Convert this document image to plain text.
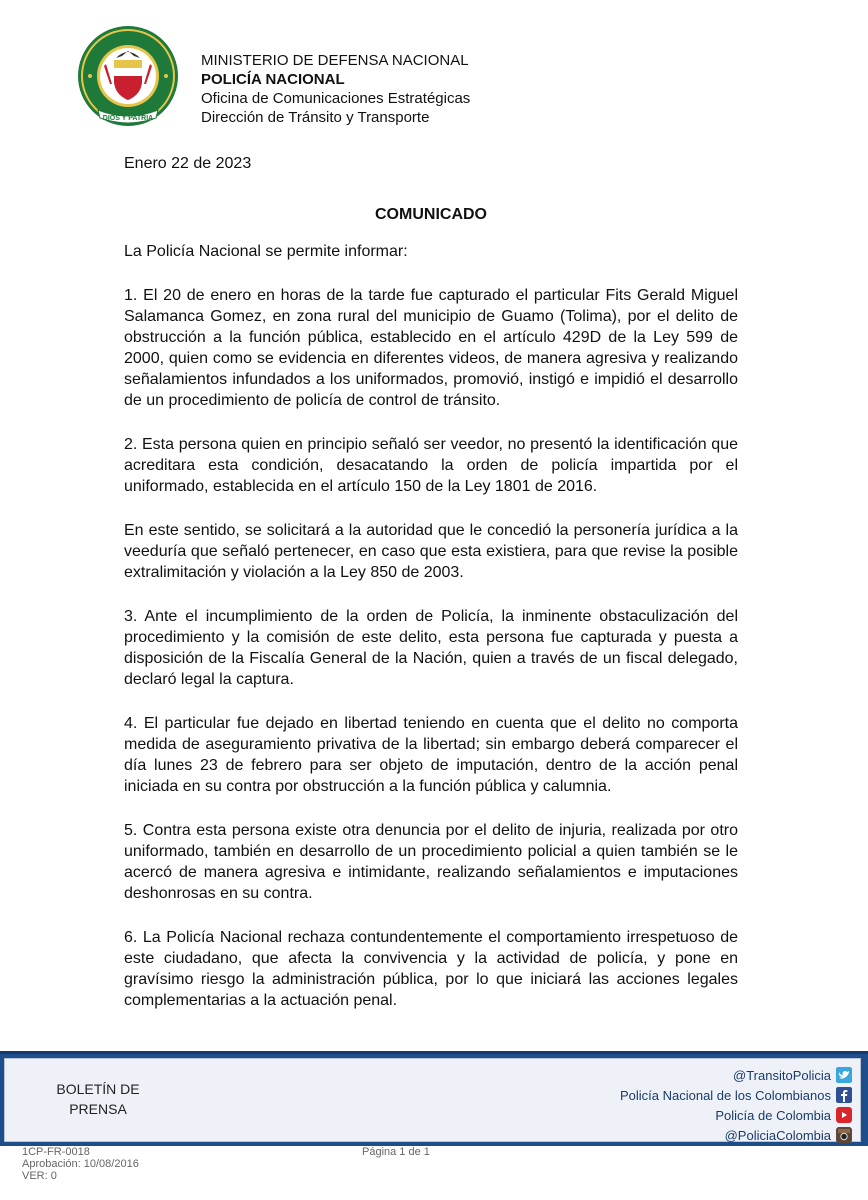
DIOS Y PATRIA
MINISTERIO DE DEFENSA NACIONAL
POLICÍA NACIONAL
Oficina de Comunicaciones Estratégicas
Dirección de Tránsito y Transporte

Enero 22 de 2023

COMUNICADO

La Policía Nacional se permite informar:

1. El 20 de enero en horas de la tarde fue capturado el particular Fits Gerald Miguel Salamanca Gomez, en zona rural del municipio de Guamo (Tolima), por el delito de obstrucción a la función pública, establecido en el artículo 429D de la Ley 599 de 2000, quien como se evidencia en diferentes videos, de manera agresiva y realizando señalamientos infundados a los uniformados, promovió, instigó e impidió el desarrollo de un procedimiento de policía de control de tránsito.

2. Esta persona quien en principio señaló ser veedor, no presentó la identificación que acreditara esta condición, desacatando la orden de policía impartida por el uniformado, establecida en el artículo 150 de la Ley 1801 de 2016.

En este sentido, se solicitará a la autoridad que le concedió la personería jurídica a la veeduría que señaló pertenecer, en caso que esta existiera, para que revise la posible extralimitación y violación a la Ley 850 de 2003.

3. Ante el incumplimiento de la orden de Policía, la inminente obstaculización del procedimiento y la comisión de este delito, esta persona fue capturada y puesta a disposición de la Fiscalía General de la Nación, quien a través de un fiscal delegado, declaró legal la captura.

4. El particular fue dejado en libertad teniendo en cuenta que el delito no comporta medida de aseguramiento privativa de la libertad; sin embargo deberá comparecer el día lunes 23 de febrero para ser objeto de imputación, dentro de la acción penal iniciada en su contra por obstrucción a la función pública y calumnia.

5. Contra esta persona existe otra denuncia por el delito de injuria, realizada por otro uniformado, también en desarrollo de un procedimiento policial a quien también se le acercó de manera agresiva e intimidante, realizando señalamientos e imputaciones deshonrosas en su contra.

6. La Policía Nacional rechaza contundentemente el comportamiento irrespetuoso de este ciudadano, que afecta la convivencia y la actividad de policía, y pone en gravísimo riesgo la administración pública, por lo que iniciará las acciones legales complementarias a la actuación penal.

BOLETÍN DE
PRENSA
@TransitoPolicia
Policía Nacional de los Colombianos
Policía de Colombia
@PoliciaColombia
1CP-FR-0018
Aprobación: 10/08/2016
VER: 0
Página 1 de 1
